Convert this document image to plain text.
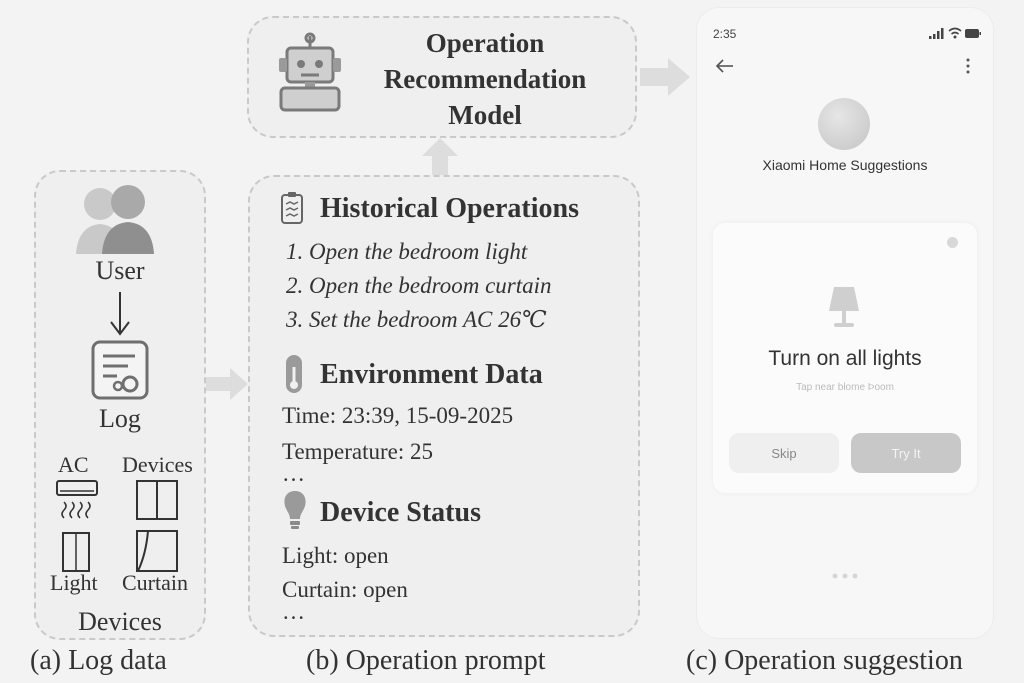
User
Log
AC Devices
Light Curtain
Devices
(a) Log data
Operation
Recommendation
Model
Historical Operations
1. Open the bedroom light
2. Open the bedroom curtain
3. Set the bedroom AC 26℃
Environment Data
Time: 23:39, 15-09-2025
Temperature: 25
…
Device Status
Light: open
Curtain: open
…
(b) Operation prompt
2:35
Xiaomi Home Suggestions
Turn on all lights
Tap near blome Þoom
Skip	Try It
(c) Operation suggestion
